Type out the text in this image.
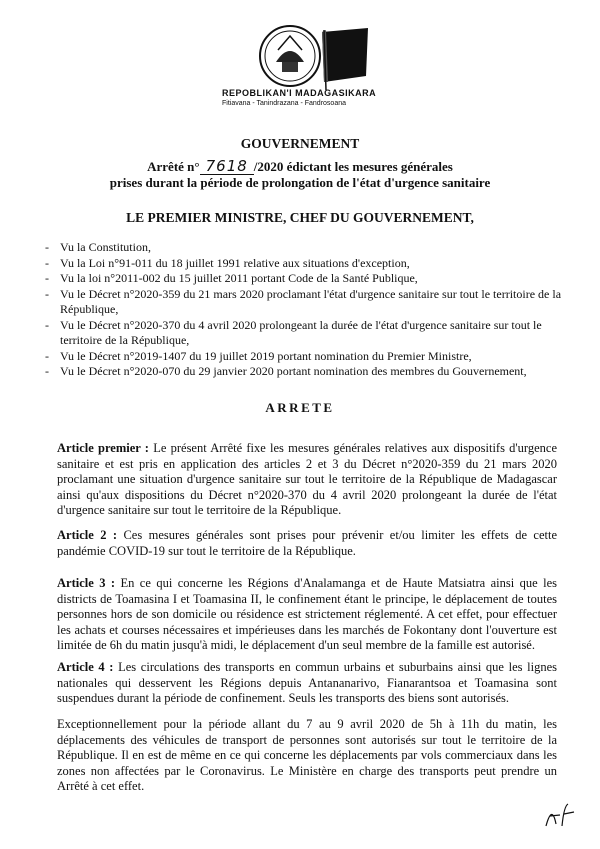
REPOBLIKAN'I MADAGASIKARA
Fitiavana - Tanindrazana - Fandrosoana
GOUVERNEMENT
Arrêté n° 7618 /2020 édictant les mesures générales
prises durant la période de prolongation de l'état d'urgence sanitaire
LE PREMIER MINISTRE, CHEF DU GOUVERNEMENT,
- Vu la Constitution,
- Vu la Loi n°91-011 du 18 juillet 1991 relative aux situations d'exception,
- Vu la loi n°2011-002 du 15 juillet 2011 portant Code de la Santé Publique,
- Vu le Décret n°2020-359 du 21 mars 2020 proclamant l'état d'urgence sanitaire sur tout le territoire de la République,
- Vu le Décret n°2020-370 du 4 avril 2020 prolongeant la durée de l'état d'urgence sanitaire sur tout le territoire de la République,
- Vu le Décret n°2019-1407 du 19 juillet 2019 portant nomination du Premier Ministre,
- Vu le Décret n°2020-070 du 29 janvier 2020 portant nomination des membres du Gouvernement,
ARRETE

Article premier : Le présent Arrêté fixe les mesures générales relatives aux dispositifs d'urgence sanitaire et est pris en application des articles 2 et 3 du Décret n°2020-359 du 21 mars 2020 proclamant une situation d'urgence sanitaire sur tout le territoire de la République de Madagascar ainsi qu'aux dispositions du Décret n°2020-370 du 4 avril 2020 prolongeant la durée de l'état d'urgence sanitaire sur tout le territoire de la République.

Article 2 : Ces mesures générales sont prises pour prévenir et/ou limiter les effets de cette pandémie COVID-19 sur tout le territoire de la République.

Article 3 : En ce qui concerne les Régions d'Analamanga et de Haute Matsiatra ainsi que les districts de Toamasina I et Toamasina II, le confinement étant le principe, le déplacement de toutes personnes hors de son domicile ou résidence est strictement réglementé. A cet effet, pour effectuer les achats et courses nécessaires et impérieuses dans les marchés de Fokontany dont l'ouverture est limitée de 6h du matin jusqu'à midi, le déplacement d'un seul membre de la famille est autorisé.

Article 4 : Les circulations des transports en commun urbains et suburbains ainsi que les lignes nationales qui desservent les Régions depuis Antananarivo, Fianarantsoa et Toamasina sont suspendues durant la période de confinement. Seuls les transports des biens sont autorisés.

Exceptionnellement pour la période allant du 7 au 9 avril 2020 de 5h à 11h du matin, les déplacements des véhicules de transport de personnes sont autorisés sur tout le territoire de la République. Il en est de même en ce qui concerne les déplacements par vols commerciaux dans les zones non affectées par le Coronavirus. Le Ministère en charge des transports peut prendre un Arrêté à cet effet.
